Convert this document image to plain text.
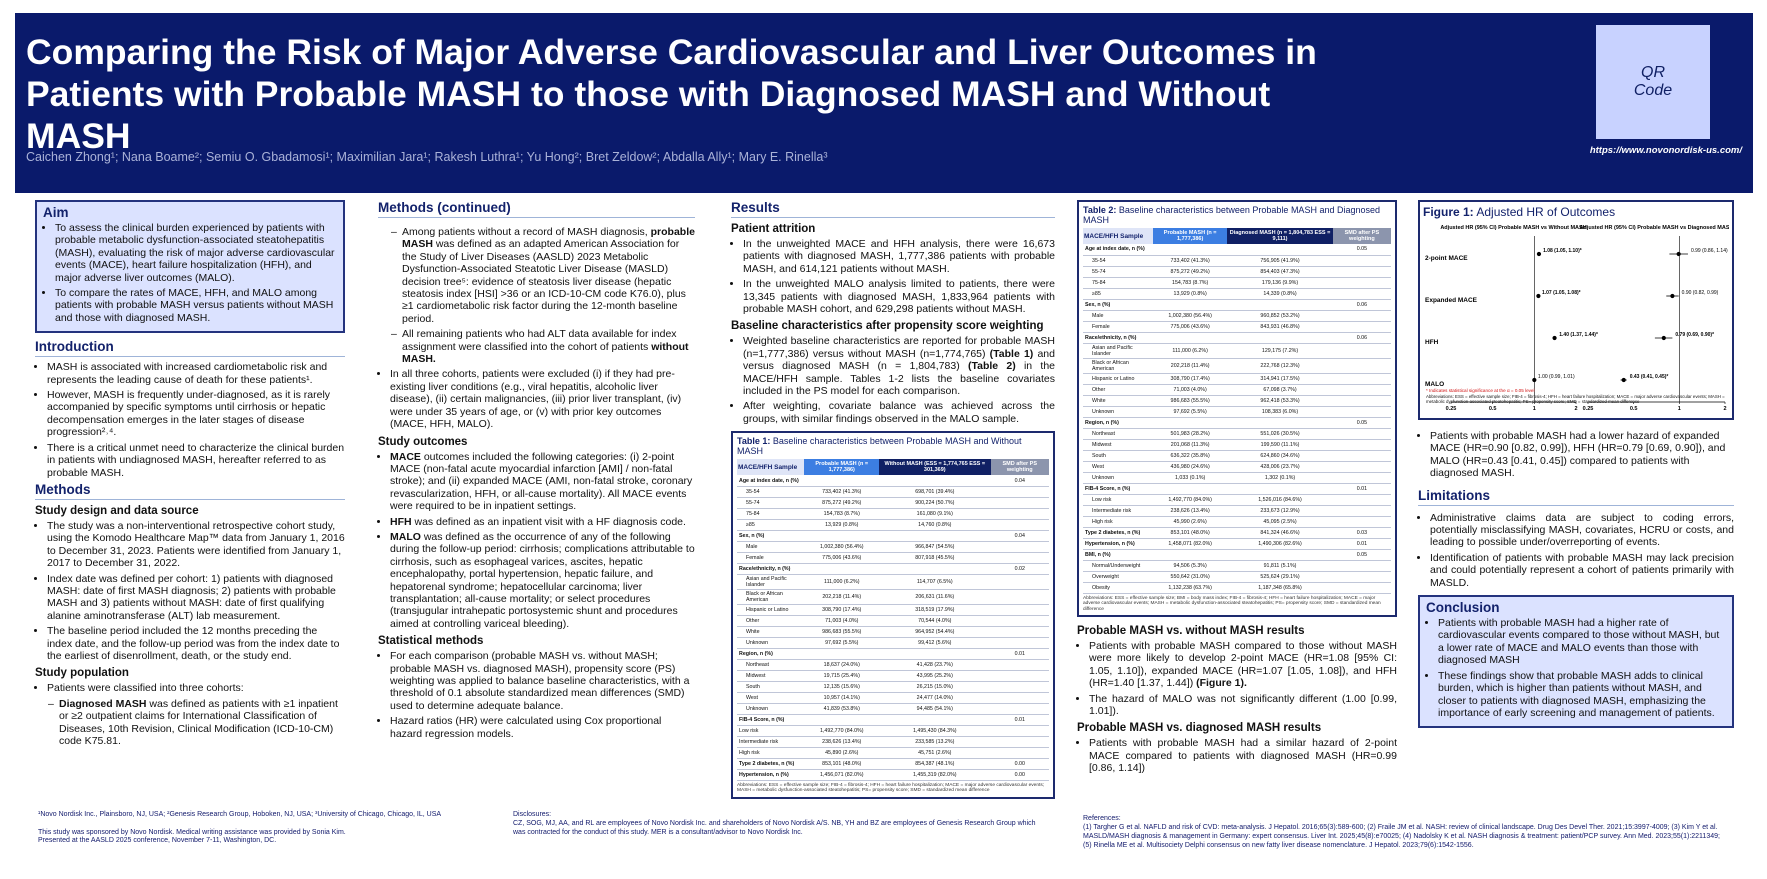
Comparing the Risk of Major Adverse Cardiovascular and Liver Outcomes in
Patients with Probable MASH to those with Diagnosed MASH and Without MASH
Caichen Zhong¹; Nana Boame²; Semiu O. Gbadamosi¹; Maximilian Jara¹; Rakesh Luthra¹; Yu Hong²; Bret Zeldow²; Abdalla Ally¹; Mary E. Rinella³
QR
Code
https://www.novonordisk-us.com/
Aim
• To assess the clinical burden experienced by patients with probable metabolic dysfunction-associated steatohepatitis (MASH), evaluating the risk of major adverse cardiovascular events (MACE), heart failure hospitalization (HFH), and major adverse liver outcomes (MALO).
• To compare the rates of MACE, HFH, and MALO among patients with probable MASH versus patients without MASH and those with diagnosed MASH.
Introduction
• MASH is associated with increased cardiometabolic risk and represents the leading cause of death for these patients¹.
• However, MASH is frequently under-diagnosed, as it is rarely accompanied by specific symptoms until cirrhosis or hepatic decompensation emerges in the later stages of disease progression²˒⁴.
• There is a critical unmet need to characterize the clinical burden in patients with undiagnosed MASH, hereafter referred to as probable MASH.
Methods
Study design and data source
• The study was a non-interventional retrospective cohort study, using the Komodo Healthcare Map™ data from January 1, 2016 to December 31, 2023. Patients were identified from January 1, 2017 to December 31, 2022.
• Index date was defined per cohort: 1) patients with diagnosed MASH: date of first MASH diagnosis; 2) patients with probable MASH and 3) patients without MASH: date of first qualifying alanine aminotransferase (ALT) lab measurement.
• The baseline period included the 12 months preceding the index date, and the follow-up period was from the index date to the earliest of disenrollment, death, or the study end.
Study population
• Patients were classified into three cohorts:
– Diagnosed MASH was defined as patients with ≥1 inpatient or ≥2 outpatient claims for International Classification of Diseases, 10th Revision, Clinical Modification (ICD-10-CM) code K75.81.
Methods (continued)
– Among patients without a record of MASH diagnosis, probable MASH was defined as an adapted American Association for the Study of Liver Diseases (AASLD) 2023 Metabolic Dysfunction-Associated Steatotic Liver Disease (MASLD) decision tree⁵: evidence of steatosis liver disease (hepatic steatosis index [HSI] >36 or an ICD-10-CM code K76.0), plus ≥1 cardiometabolic risk factor during the 12-month baseline period.
– All remaining patients who had ALT data available for index assignment were classified into the cohort of patients without MASH.
• In all three cohorts, patients were excluded (i) if they had pre-existing liver conditions (e.g., viral hepatitis, alcoholic liver disease), (ii) certain malignancies, (iii) prior liver transplant, (iv) were under 35 years of age, or (v) with prior key outcomes (MACE, HFH, MALO).
Study outcomes
• MACE outcomes included the following categories: (i) 2-point MACE (non-fatal acute myocardial infarction [AMI] / non-fatal stroke); and (ii) expanded MACE (AMI, non-fatal stroke, coronary revascularization, HFH, or all-cause mortality). All MACE events were required to be in inpatient settings.
• HFH was defined as an inpatient visit with a HF diagnosis code.
• MALO was defined as the occurrence of any of the following during the follow-up period: cirrhosis; complications attributable to cirrhosis, such as esophageal varices, ascites, hepatic encephalopathy, portal hypertension, hepatic failure, and hepatorenal syndrome; hepatocellular carcinoma; liver transplantation; all-cause mortality; or select procedures (transjugular intrahepatic portosystemic shunt and procedures aimed at controlling variceal bleeding).
Statistical methods
• For each comparison (probable MASH vs. without MASH; probable MASH vs. diagnosed MASH), propensity score (PS) weighting was applied to balance baseline characteristics, with a threshold of 0.1 absolute standardized mean differences (SMD) used to determine adequate balance.
• Hazard ratios (HR) were calculated using Cox proportional hazard regression models.
Results
Patient attrition
• In the unweighted MACE and HFH analysis, there were 16,673 patients with diagnosed MASH, 1,777,386 patients with probable MASH, and 614,121 patients without MASH.
• In the unweighted MALO analysis limited to patients, there were 13,345 patients with diagnosed MASH, 1,833,964 patients with probable MASH cohort, and 629,298 patients without MASH.
Baseline characteristics after propensity score weighting
• Weighted baseline characteristics are reported for probable MASH (n=1,777,386) versus without MASH (n=1,774,765) (Table 1) and versus diagnosed MASH (n = 1,804,783) (Table 2) in the MACE/HFH sample. Tables 1-2 lists the baseline covariates included in the PS model for each comparison.
• After weighting, covariate balance was achieved across the groups, with similar findings observed in the MALO sample.
Table 1: Baseline characteristics between Probable MASH and Without MASH
MACE/HFH Sample	Probable MASH (n = 1,777,386)	Without MASH (ESS = 1,774,765 ESS = 301,369)	SMD after PS weighting
Age at index date, n (%)			0.04
35-54	733,402 (41.3%)	698,701 (39.4%)	
55-74	875,272 (49.2%)	900,224 (50.7%)	
75-84	154,783 (8.7%)	161,080 (9.1%)	
≥85	13,929 (0.8%)	14,760 (0.8%)	
Sex, n (%)			0.04
Male	1,002,380 (56.4%)	966,847 (54.5%)	
Female	775,006 (43.6%)	807,918 (45.5%)	
Race/ethnicity, n (%)			0.02
Asian and Pacific Islander	111,000 (6.2%)	114,707 (6.5%)	
Black or African American	202,218 (11.4%)	206,631 (11.6%)	
Hispanic or Latino	308,790 (17.4%)	318,519 (17.9%)	
Other	71,003 (4.0%)	70,544 (4.0%)	
White	986,683 (55.5%)	964,952 (54.4%)	
Unknown	97,692 (5.5%)	99,412 (5.6%)	
Region, n (%)			0.01
Northeast	18,637 (24.0%)	41,428 (23.7%)	
Midwest	19,715 (25.4%)	43,995 (25.2%)	
South	12,135 (15.6%)	26,215 (15.0%)	
West	10,957 (14.1%)	24,477 (14.0%)	
Unknown	41,839 (53.8%)	94,485 (54.1%)	
FIB-4 Score, n (%)			0.01
Low risk	1,492,770 (84.0%)	1,495,430 (84.3%)	
Intermediate risk	238,626 (13.4%)	233,585 (13.2%)	
High risk	45,890 (2.6%)	45,751 (2.6%)	
Type 2 diabetes, n (%)	853,101 (48.0%)	854,387 (48.1%)	0.00
Hypertension, n (%)	1,456,071 (82.0%)	1,455,319 (82.0%)	0.00
Abbreviations: ESS = effective sample size; FIB-4 = fibrosis-4; HFH = heart failure hospitalization; MACE = major adverse cardiovascular events; MASH = metabolic dysfunction-associated steatohepatitis; PS= propensity score; SMD = standardized mean difference
Table 2: Baseline characteristics between Probable MASH and Diagnosed MASH
MACE/HFH Sample	Probable MASH (n = 1,777,386)	Diagnosed MASH (n = 1,804,783 ESS = 9,111)	SMD after PS weighting
Age at index date, n (%)			0.05
35-54	733,402 (41.3%)	756,905 (41.9%)	
55-74	875,272 (49.2%)	854,403 (47.3%)	
75-84	154,783 (8.7%)	179,136 (9.9%)	
≥85	13,929 (0.8%)	14,339 (0.8%)	
Sex, n (%)			0.06
Male	1,002,380 (56.4%)	960,852 (53.2%)	
Female	775,006 (43.6%)	843,931 (46.8%)	
Race/ethnicity, n (%)			0.06
Asian and Pacific Islander	111,000 (6.2%)	129,175 (7.2%)	
Black or African American	202,218 (11.4%)	222,768 (12.3%)	
Hispanic or Latino	308,790 (17.4%)	314,941 (17.5%)	
Other	71,003 (4.0%)	67,098 (3.7%)	
White	986,683 (55.5%)	962,418 (53.3%)	
Unknown	97,692 (5.5%)	108,383 (6.0%)	
Region, n (%)			0.05
Northeast	501,983 (28.2%)	551,026 (30.5%)	
Midwest	201,068 (11.3%)	199,590 (11.1%)	
South	636,322 (35.8%)	624,860 (34.6%)	
West	436,980 (24.6%)	428,006 (23.7%)	
Unknown	1,033 (0.1%)	1,302 (0.1%)	
FIB-4 Score, n (%)			0.01
Low risk	1,492,770 (84.0%)	1,526,016 (84.6%)	
Intermediate risk	238,626 (13.4%)	233,673 (12.9%)	
High risk	45,990 (2.6%)	45,095 (2.5%)	
Type 2 diabetes, n (%)	853,101 (48.0%)	841,324 (46.6%)	0.03
Hypertension, n (%)	1,458,071 (82.0%)	1,490,306 (82.6%)	0.01
BMI, n (%)			0.05
Normal/Underweight	94,506 (5.3%)	91,811 (5.1%)	
Overweight	550,642 (31.0%)	525,624 (29.1%)	
Obesity	1,132,238 (63.7%)	1,187,348 (65.8%)	
Abbreviations: ESS = effective sample size; BMI = body mass index; FIB-4 = fibrosis-4; HFH = heart failure hospitalization; MACE = major adverse cardiovascular events; MASH = metabolic dysfunction-associated steatohepatitis; PS= propensity score; SMD = standardized mean difference
Probable MASH vs. without MASH results
• Patients with probable MASH compared to those without MASH were more likely to develop 2-point MACE (HR=1.08 [95% CI: 1.05, 1.10]), expanded MACE (HR=1.07 [1.05, 1.08]), and HFH (HR=1.40 [1.37, 1.44]) (Figure 1).
• The hazard of MALO was not significantly different (1.00 [0.99, 1.01]).
Probable MASH vs. diagnosed MASH results
• Patients with probable MASH had a similar hazard of 2-point MACE compared to patients with diagnosed MASH (HR=0.99 [0.86, 1.14])
Figure 1: Adjusted HR of Outcomes
2-point MACE
Expanded MACE
HFH
MALO
Adjusted HR (95% CI) Probable MASH vs Without MASH
0.25	0.5	1	2
1.08 (1.05, 1.10)*
1.07 (1.05, 1.08)*
1.40 (1.37, 1.44)*
1.00 (0.99, 1.01)
Adjusted HR (95% CI) Probable MASH vs Diagnosed MASH
0.25	0.5	1	2
0.99 (0.86, 1.14)
0.90 (0.82, 0.99)
0.79 (0.69, 0.90)*
0.43 (0.41, 0.45)*
* Indicates statistical significance at the α = 0.05 level
Abbreviations: ESS = effective sample size; FIB-4 = fibrosis-4; HFH = heart failure hospitalization; MACE = major adverse cardiovascular events; MASH = metabolic dysfunction-associated steatohepatitis; PS= propensity score; SMD = standardized mean difference
• Patients with probable MASH had a lower hazard of expanded MACE (HR=0.90 [0.82, 0.99]), HFH (HR=0.79 [0.69, 0.90]), and MALO (HR=0.43 [0.41, 0.45]) compared to patients with diagnosed MASH.
Limitations
• Administrative claims data are subject to coding errors, potentially misclassifying MASH, covariates, HCRU or costs, and leading to possible under/overreporting of events.
• Identification of patients with probable MASH may lack precision and could potentially represent a cohort of patients primarily with MASLD.
Conclusion
• Patients with probable MASH had a higher rate of cardiovascular events compared to those without MASH, but a lower rate of MACE and MALO events than those with diagnosed MASH
• These findings show that probable MASH adds to clinical burden, which is higher than patients without MASH, and closer to patients with diagnosed MASH, emphasizing the importance of early screening and management of patients.
¹Novo Nordisk Inc., Plainsboro, NJ, USA; ²Genesis Research Group, Hoboken, NJ, USA; ³University of Chicago, Chicago, IL, USA
This study was sponsored by Novo Nordisk. Medical writing assistance was provided by Sonia Kim.
Presented at the AASLD 2025 conference, November 7-11, Washington, DC.
Disclosures:
CZ, SOG, MJ, AA, and RL are employees of Novo Nordisk Inc. and shareholders of Novo Nordisk A/S. NB, YH and BZ are employees of Genesis Research Group which was contracted for the conduct of this study. MER is a consultant/advisor to Novo Nordisk Inc.
References:
(1) Targher G et al. NAFLD and risk of CVD: meta-analysis. J Hepatol. 2016;65(3):589-600; (2) Fraile JM et al. NASH: review of clinical landscape. Drug Des Devel Ther. 2021;15:3997-4009; (3) Kim Y et al. MASLD/MASH diagnosis & management in Germany: expert consensus. Liver Int. 2025;45(8):e70025; (4) Nadolsky K et al. NASH diagnosis & treatment: patient/PCP survey. Ann Med. 2023;55(1):2211349; (5) Rinella ME et al. Multisociety Delphi consensus on new fatty liver disease nomenclature. J Hepatol. 2023;79(6):1542-1556.
